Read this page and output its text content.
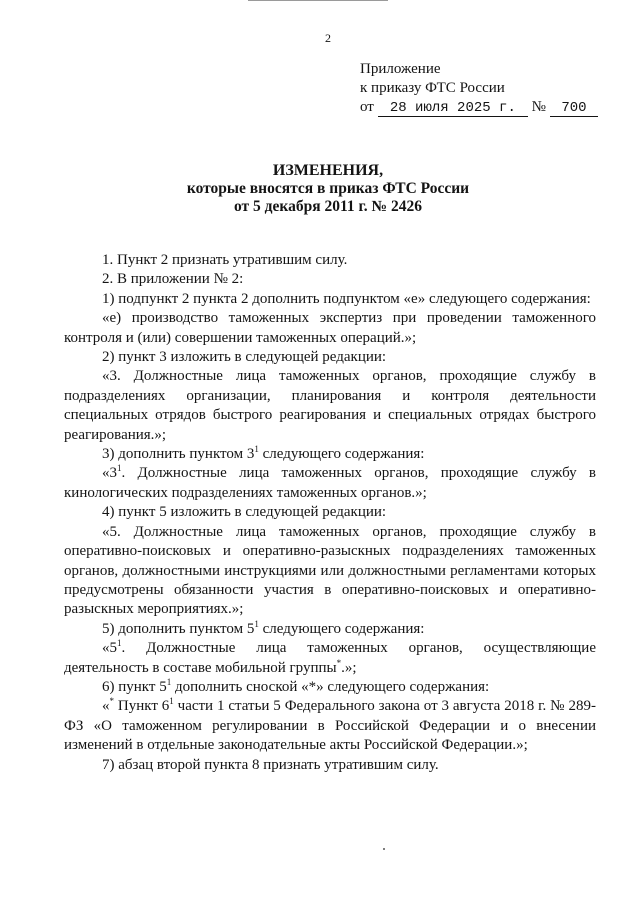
2
Приложение
к приказу ФТС России
от 28 июля 2025 г. № 700
ИЗМЕНЕНИЯ,
которые вносятся в приказ ФТС России
от 5 декабря 2011 г. № 2426

1. Пункт 2 признать утратившим силу.

2. В приложении № 2:

1) подпункт 2 пункта 2 дополнить подпунктом «е» следующего содержания:

«е) производство таможенных экспертиз при проведении таможенного контроля и (или) совершении таможенных операций.»;

2) пункт 3 изложить в следующей редакции:

«3. Должностные лица таможенных органов, проходящие службу в подразделениях организации, планирования и контроля деятельности специальных отрядов быстрого реагирования и специальных отрядах быстрого реагирования.»;

3) дополнить пунктом $3^1$ следующего содержания:

«$3^1$. Должностные лица таможенных органов, проходящие службу в кинологических подразделениях таможенных органов.»;

4) пункт 5 изложить в следующей редакции:

«5. Должностные лица таможенных органов, проходящие службу в оперативно-поисковых и оперативно-разыскных подразделениях таможенных органов, должностными инструкциями или должностными регламентами которых предусмотрены обязанности участия в оперативно-поисковых и оперативно-разыскных мероприятиях.»;

5) дополнить пунктом $5^1$ следующего содержания:

«$5^1$. Должностные лица таможенных органов, осуществляющие деятельность в составе мобильной группы*.»;

6) пункт $5^1$ дополнить сноской «*» следующего содержания:

«* Пункт $6^1$ части 1 статьи 5 Федерального закона от 3 августа 2018 г. № 289-ФЗ «О таможенном регулировании в Российской Федерации и о внесении изменений в отдельные законодательные акты Российской Федерации.»;

7) абзац второй пункта 8 признать утратившим силу.
